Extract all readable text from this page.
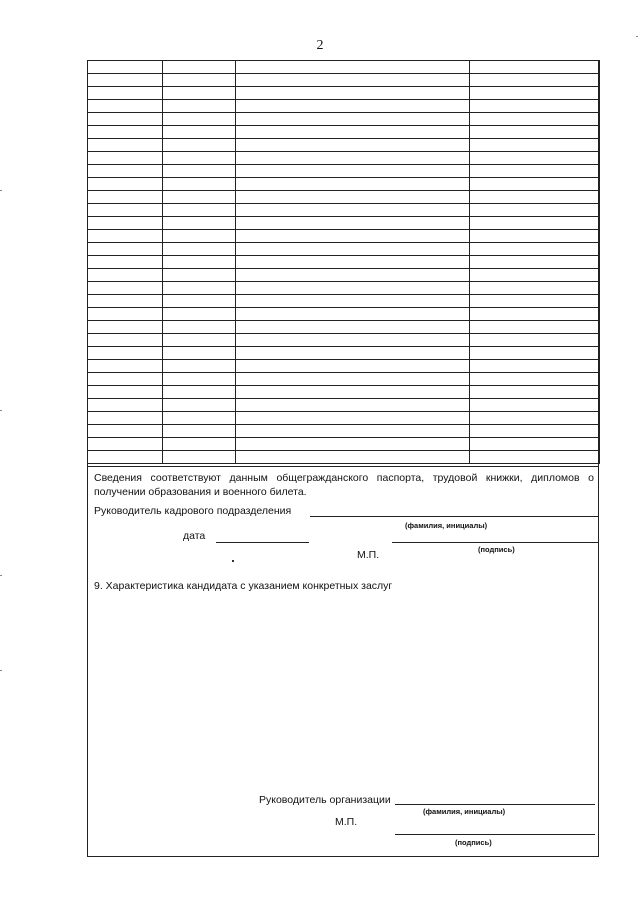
2

Сведения соответствуют данным общегражданского паспорта, трудовой книжки, дипломов о получении образования и военного билета.
Руководитель кадрового подразделения
(фамилия, инициалы)
дата
(подпись)
М.П.
9. Характеристика кандидата с указанием конкретных заслуг
Руководитель организации
(фамилия, инициалы)
М.П.
(подпись)
